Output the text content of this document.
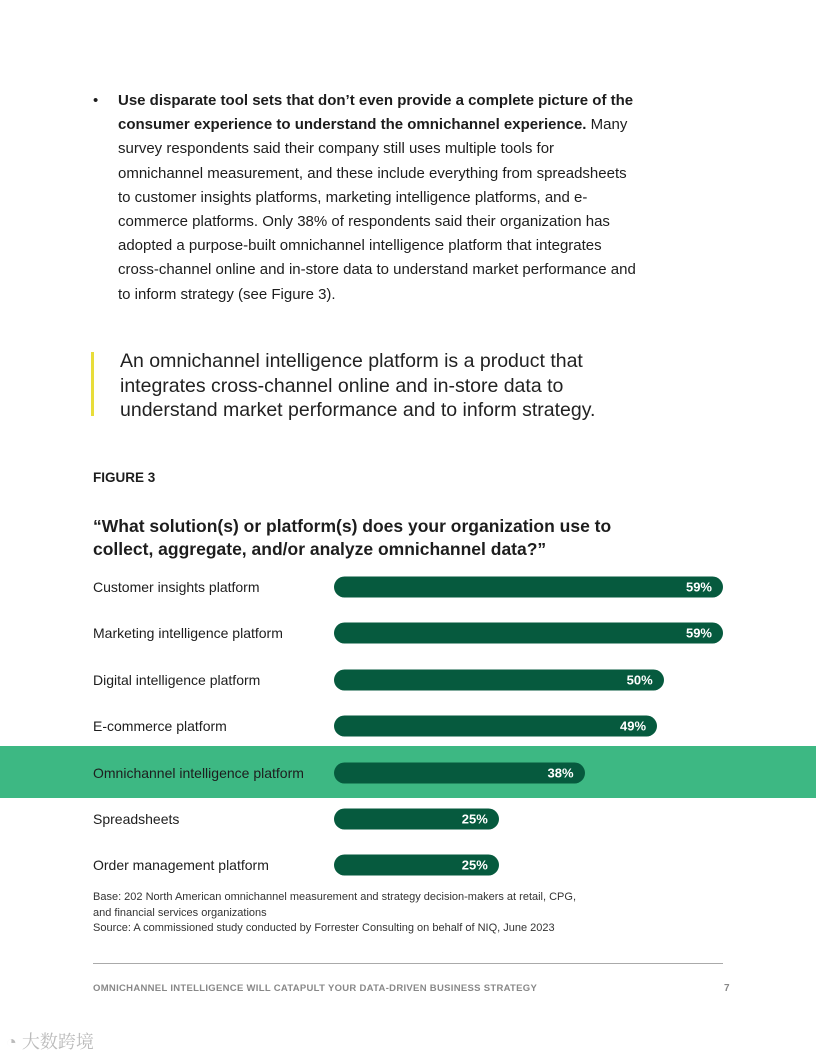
• Use disparate tool sets that don’t even provide a complete picture of the consumer experience to understand the omnichannel experience. Many survey respondents said their company still uses multiple tools for omnichannel measurement, and these include everything from spreadsheets to customer insights platforms, marketing intelligence platforms, and e-commerce platforms. Only 38% of respondents said their organization has adopted a purpose-built omnichannel intelligence platform that integrates cross-channel online and in-store data to understand market performance and to inform strategy (see Figure 3).
An omnichannel intelligence platform is a product that integrates cross-channel online and in-store data to understand market performance and to inform strategy.
FIGURE 3
“What solution(s) or platform(s) does your organization use to collect, aggregate, and/or analyze omnichannel data?”
Customer insights platform	59%
Marketing intelligence platform	59%
Digital intelligence platform	50%
E-commerce platform	49%
Omnichannel intelligence platform	38%
Spreadsheets	25%
Order management platform	25%
Base: 202 North American omnichannel measurement and strategy decision-makers at retail, CPG,
and financial services organizations
Source: A commissioned study conducted by Forrester Consulting on behalf of NIQ, June 2023
OMNICHANNEL INTELLIGENCE WILL CATAPULT YOUR DATA-DRIVEN BUSINESS STRATEGY	7
◔ 大数跨境
